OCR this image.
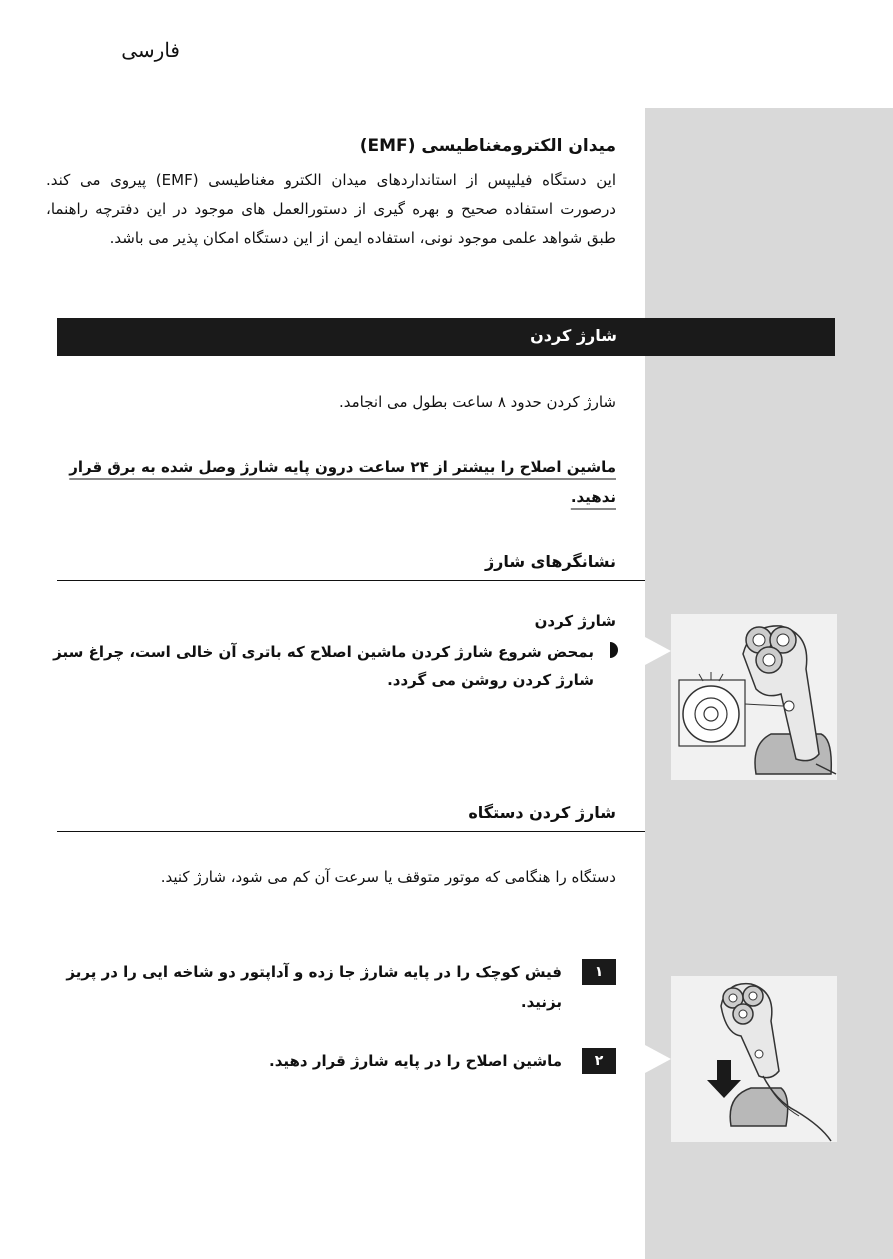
فارسی
میدان الکترومغناطیسی (EMF)
این دستگاه فیلیپس از استانداردهای میدان الکترو مغناطیسی (EMF) پیروی می کند. درصورت استفاده صحیح و بهره گیری از دستورالعمل های موجود در این دفترچه راهنما، طبق شواهد علمی موجود نونی، استفاده ایمن از این دستگاه امکان پذیر می باشد.
شارژ کردن
شارژ کردن حدود ۸ ساعت بطول می انجامد.
ماشین اصلاح را بیشتر از ۲۴ ساعت درون پایه شارژ وصل شده به برق قرار ندهید.
نشانگرهای شارژ
شارژ کردن
بمحض شروع شارژ کردن ماشین اصلاح که باتری آن خالی است، چراغ سبز شارژ کردن روشن می گردد.
شارژ کردن دستگاه
دستگاه را هنگامی که موتور متوقف یا سرعت آن کم می شود، شارژ کنید.
۱
فیش کوچک را در پایه شارژ جا زده و آداپتور دو شاخه ایی را در پریز بزنید.
۲
ماشین اصلاح را در پایه شارژ قرار دهید.
